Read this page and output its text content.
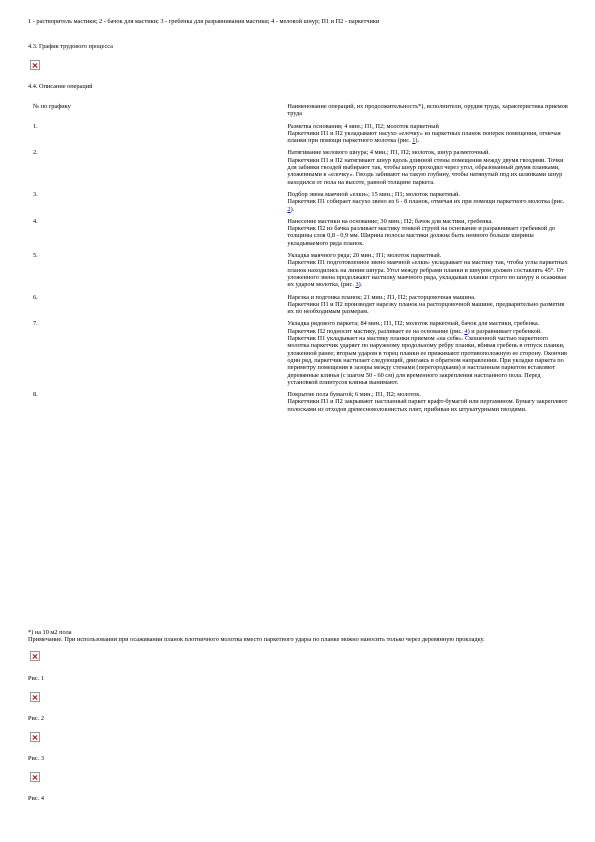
1 - растворитель мастики; 2 - бачок для мастики; 3 - гребенка для разравнивания мастики; 4 - меловой шнур; П1 и П2 - паркетчики
4.3. График трудового процесса
4.4. Описание операций
№ по графику	Наименование операций, их продолжительность*), исполнители, орудия труда, характеристика приемов труда
1.	Разметка основания; 4 мин.; П1, П2; молоток паркетный
Паркетчики П1 и П2 укладывают насухо «елочку» из паркетных планок поперек помещения, отмечая планки при помощи паркетного молотка (рис. 1).
2.	Натягивание мелового шнура; 4 мин.; П1, П2; молоток, шнур разметочный.
Паркетчики П1 и П2 натягивают шнур вдоль длинной стены помещения между двумя гвоздями. Точки для забивки гвоздей выбирают так, чтобы шнур проходил через угол, образованный двумя планками, уложенными в «елочку». Гвоздь забивают на такую глубину, чтобы натянутый под их шляпками шнур находился от пола на высоте, равной толщине паркета.
3.	Подбор звена маячной «елки»; 15 мин.; П1; молоток паркетный.
Паркетчик П1 собирает насухо звено из 6 - 8 планок, отмечая их при помощи паркетного молотка (рис. 2).
4.	Нанесение мастики на основание; 30 мин.; П2; бачок для мастики, гребенка.
Паркетчик П2 из бачка разливает мастику тонкой струей на основание и разравнивает гребенкой до толщины слоя 0,8 - 0,9 мм. Ширина полосы мастики должна быть немного больше ширины укладываемого ряда планок.
5.	Укладка маячного ряда; 20 мин.; П1; молоток паркетный.
Паркетчик П1 подготовленное звено маячной «елки» укладывает на мастику так, чтобы углы паркетных планок находились на линии шнура. Угол между ребрами планки и шнуром должен составлять 45°. От уложенного звена продолжают настилку маячного ряда, укладывая планки строго по шнуру и осаживая их ударом молотка, (рис. 3).
6.	Нарезка и подгонка планок; 21 мин.; П1, П2; расторцовочная машина.
Паркетчики П1 и П2 производят нарезку планок на расторцовочной машине, предварительно разметив их по необходимым размерам.
7.	Укладка рядового паркета; 84 мин.; П1, П2; молоток паркетный, бачок для мастики, гребенка.
Паркетчик П2 подносит мастику, разливает ее на основание (рис. 4) и разравнивает гребенкой.
Паркетчик П1 укладывает на мастику планки приемом «на себя». Скошенной частью паркетного молотка паркетчик ударяет по наружному продольному ребру планки, вбивая гребень в отпуск планки, уложенной ранее; вторым ударом в торец планки ее прижимают противоположную ее сторону. Окончив один ряд, паркетчик настилает следующий, двигаясь в обратном направлении. При укладке паркета по периметру помещения в зазоры между стенами (перегородками) и настланным паркетом вставляют деревянные клинья (с шагом 50 - 60 см) для временного закрепления настланного пола. Перед установкой плинтусов клинья вынимают.

8.	Покрытие пола бумагой; 6 мин.; П1, П2; молоток.
Паркетчики П1 и П2 закрывают настланный паркет крафт-бумагой или пергамином. Бумагу закрепляют полосками из отходов древесноволокнистых плит, прибивая их штукатурными гвоздями.
*) на 10 м2 пола
Примечание. При использовании при осаживании планок плотничного молотка вместо паркетного удары по планке можно наносить только через деревянную прокладку.
Рис. 1
Рис. 2
Рис. 3
Рис. 4
